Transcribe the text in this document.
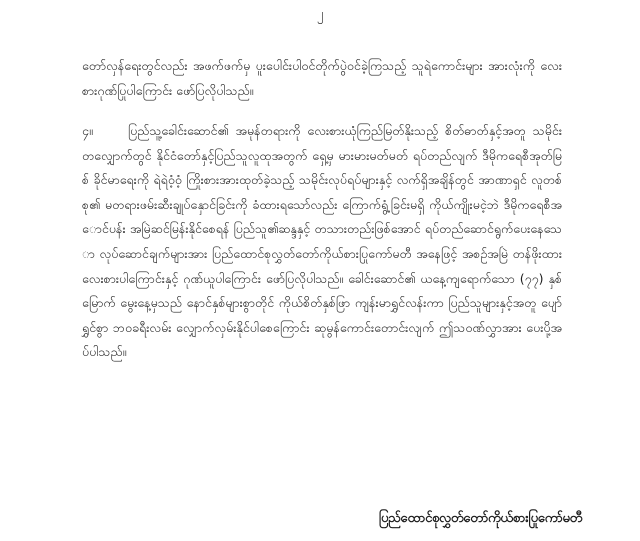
၂
တော်လှန်ရေးတွင်လည်း အဖက်ဖက်မှ ပူးပေါင်းပါဝင်တိုက်ပွဲဝင်ခဲ့ကြသည့် သူရဲကောင်းများ အားလုံးကို လေးစားဂုဏ်ပြုပါကြောင်း ဖော်ပြလိုပါသည်။
၄။	ပြည်သူ့ခေါင်းဆောင်၏ အမုန်တရားကို လေးစားယုံကြည်မြတ်နိုးသည့် စိတ်ဓာတ်နှင့်အတူ သမိုင်းတလျှောက်တွင် နိုင်ငံတော်နှင့်ပြည်သူလူထုအတွက် ရှေ့မှ မားမားမတ်မတ် ရပ်တည်လျက် ဒီမိုကရေစီအုတ်မြစ် ခိုင်မာရေးကို ရဲရဲဝံ့ဝံ့ ကြိုးစားအားထုတ်ခဲ့သည့် သမိုင်းလုပ်ရပ်များနှင့် လက်ရှိအချိန်တွင် အာဏာရှင် လူတစ်စု၏ မတရားဖမ်းဆီးချုပ်နှောင်ခြင်းကို ခံထားရသော်လည်း ကြောက်ရွံ့ခြင်းမရှိ ကိုယ်ကျိုးမငဲ့ဘဲ ဒီမိုကရေစီအောင်ပန်း အမြဲဆင်မြန်းနိုင်စေရန် ပြည်သူ၏ဆန္ဒနှင့် တသားတည်းဖြစ်အောင် ရပ်တည်ဆောင်ရွက်ပေးနေသော လုပ်ဆောင်ချက်များအား ပြည်ထောင်စုလွှတ်တော်ကိုယ်စားပြုကော်မတီ အနေဖြင့် အစဉ်အမြဲ တန်ဖိုးထားလေးစားပါကြောင်းနှင့် ဂုဏ်ယူပါကြောင်း ဖော်ပြလိုပါသည်။ ခေါင်းဆောင်၏ ယနေ့ကျရောက်သော (၇၇) နှစ်မြောက် မွေးနေ့မှသည် နောင်နှစ်များစွာတိုင် ကိုယ်စိတ်နှစ်ဖြာ ကျန်းမာရွှင်လန်းကာ ပြည်သူများနှင့်အတူ ပျော်ရွှင်စွာ ဘဝခရီးလမ်း လျှောက်လှမ်းနိုင်ပါစေကြောင်း ဆုမွန်ကောင်းတောင်းလျက် ဤသဝဏ်လွှာအား ပေးပို့အပ်ပါသည်။
ပြည်ထောင်စုလွှတ်တော်ကိုယ်စားပြုကော်မတီ
